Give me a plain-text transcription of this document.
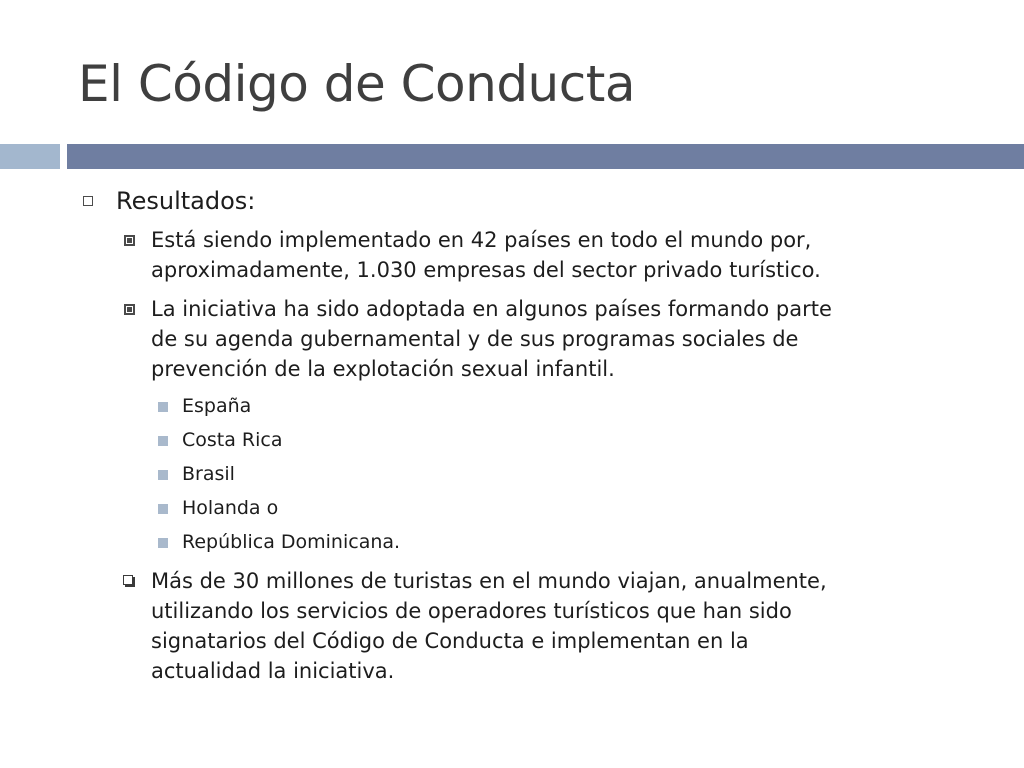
El Código de Conducta
Resultados:
Está siendo implementado en 42 países en todo el mundo por,
aproximadamente, 1.030 empresas del sector privado turístico.
La iniciativa ha sido adoptada en algunos países formando parte
de su agenda gubernamental y de sus programas sociales de
prevención de la explotación sexual infantil.
España
Costa Rica
Brasil
Holanda o
República Dominicana.
Más de 30 millones de turistas en el mundo viajan, anualmente,
utilizando los servicios de operadores turísticos que han sido
signatarios del Código de Conducta e implementan en la
actualidad la iniciativa.
